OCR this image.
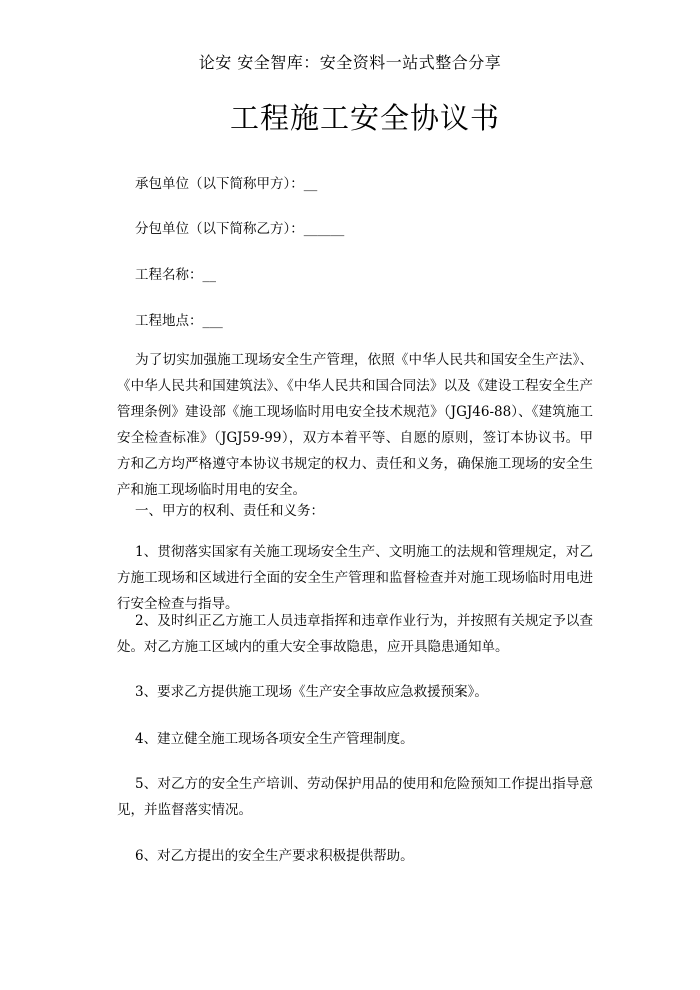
论安 安全智库：安全资料一站式整合分享
工程施工安全协议书
承包单位（以下简称甲方）：__
分包单位（以下简称乙方）：______
工程名称：__
工程地点：___
为了切实加强施工现场安全生产管理，依照《中华人民共和国安全生产法》、《中华人民共和国建筑法》、《中华人民共和国合同法》以及《建设工程安全生产管理条例》建设部《施工现场临时用电安全技术规范》（JGJ46-88）、《建筑施工安全检查标准》（JGJ59-99），双方本着平等、自愿的原则，签订本协议书。甲方和乙方均严格遵守本协议书规定的权力、责任和义务，确保施工现场的安全生产和施工现场临时用电的安全。
一、甲方的权利、责任和义务：
1、贯彻落实国家有关施工现场安全生产、文明施工的法规和管理规定，对乙方施工现场和区域进行全面的安全生产管理和监督检查并对施工现场临时用电进行安全检查与指导。
2、及时纠正乙方施工人员违章指挥和违章作业行为，并按照有关规定予以查处。对乙方施工区域内的重大安全事故隐患，应开具隐患通知单。
3、要求乙方提供施工现场《生产安全事故应急救援预案》。
4、建立健全施工现场各项安全生产管理制度。
5、对乙方的安全生产培训、劳动保护用品的使用和危险预知工作提出指导意见，并监督落实情况。
6、对乙方提出的安全生产要求积极提供帮助。
